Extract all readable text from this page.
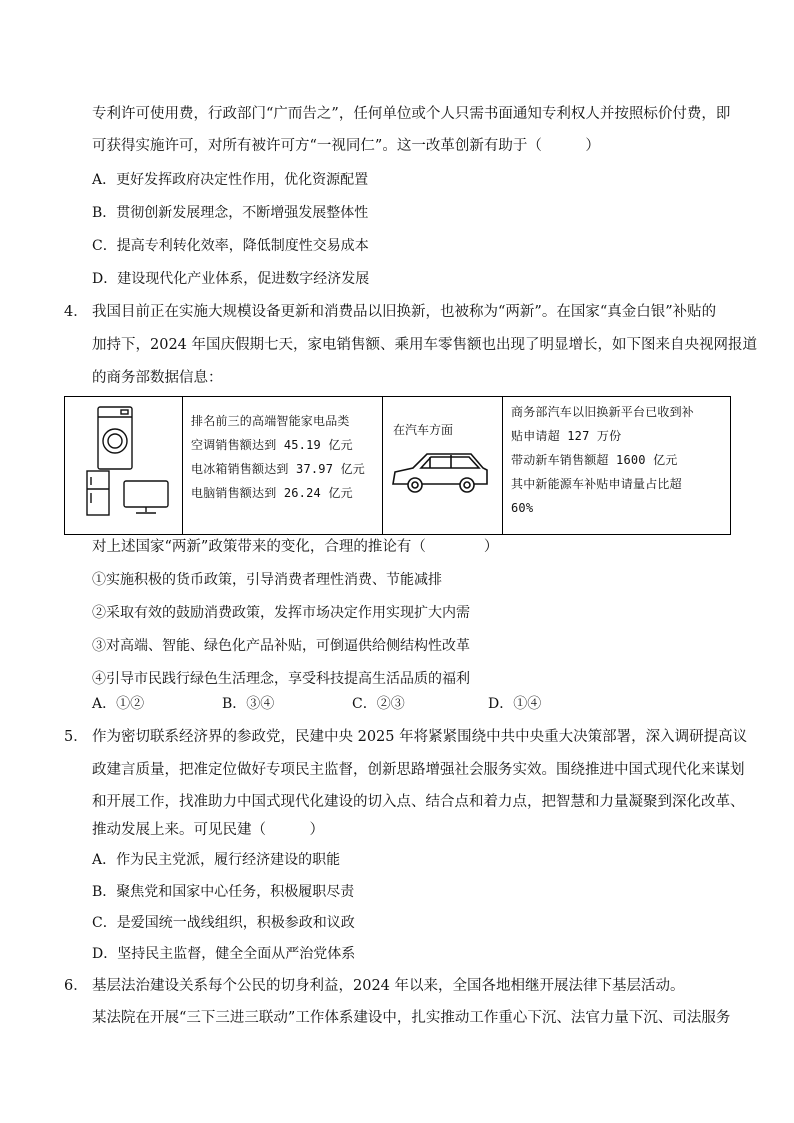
专利许可使用费，行政部门“广而告之”，任何单位或个人只需书面通知专利权人并按照标价付费，即
可获得实施许可，对所有被许可方“一视同仁”。这一改革创新有助于（　　　）
A．更好发挥政府决定性作用，优化资源配置
B．贯彻创新发展理念，不断增强发展整体性
C．提高专利转化效率，降低制度性交易成本
D．建设现代化产业体系，促进数字经济发展
4． 我国目前正在实施大规模设备更新和消费品以旧换新，也被称为“两新”。在国家“真金白银”补贴的
加持下，2024 年国庆假期七天，家电销售额、乘用车零售额也出现了明显增长，如下图来自央视网报道
的商务部数据信息：

排名前三的高端智能家电品类
空调销售额达到 45.19 亿元
电冰箱销售额达到 37.97 亿元
电脑销售额达到 26.24 亿元

在汽车方面

商务部汽车以旧换新平台已收到补
贴申请超 127 万份
带动新车销售额超 1600 亿元
其中新能源车补贴申请量占比超
60%
对上述国家“两新”政策带来的变化，合理的推论有（　　　　）
①实施积极的货币政策，引导消费者理性消费、节能减排
②采取有效的鼓励消费政策，发挥市场决定作用实现扩大内需
③对高端、智能、绿色化产品补贴，可倒逼供给侧结构性改革
④引导市民践行绿色生活理念，享受科技提高生活品质的福利
A．①②	B．③④	C．②③	D．①④
5． 作为密切联系经济界的参政党，民建中央 2025 年将紧紧围绕中共中央重大决策部署，深入调研提高议
政建言质量，把准定位做好专项民主监督，创新思路增强社会服务实效。围绕推进中国式现代化来谋划
和开展工作，找准助力中国式现代化建设的切入点、结合点和着力点，把智慧和力量凝聚到深化改革、
推动发展上来。可见民建（　　　）
A．作为民主党派，履行经济建设的职能
B．聚焦党和国家中心任务，积极履职尽责
C．是爱国统一战线组织，积极参政和议政
D．坚持民主监督，健全全面从严治党体系
6． 基层法治建设关系每个公民的切身利益，2024 年以来，全国各地相继开展法律下基层活动。
某法院在开展“三下三进三联动”工作体系建设中，扎实推动工作重心下沉、法官力量下沉、司法服务
